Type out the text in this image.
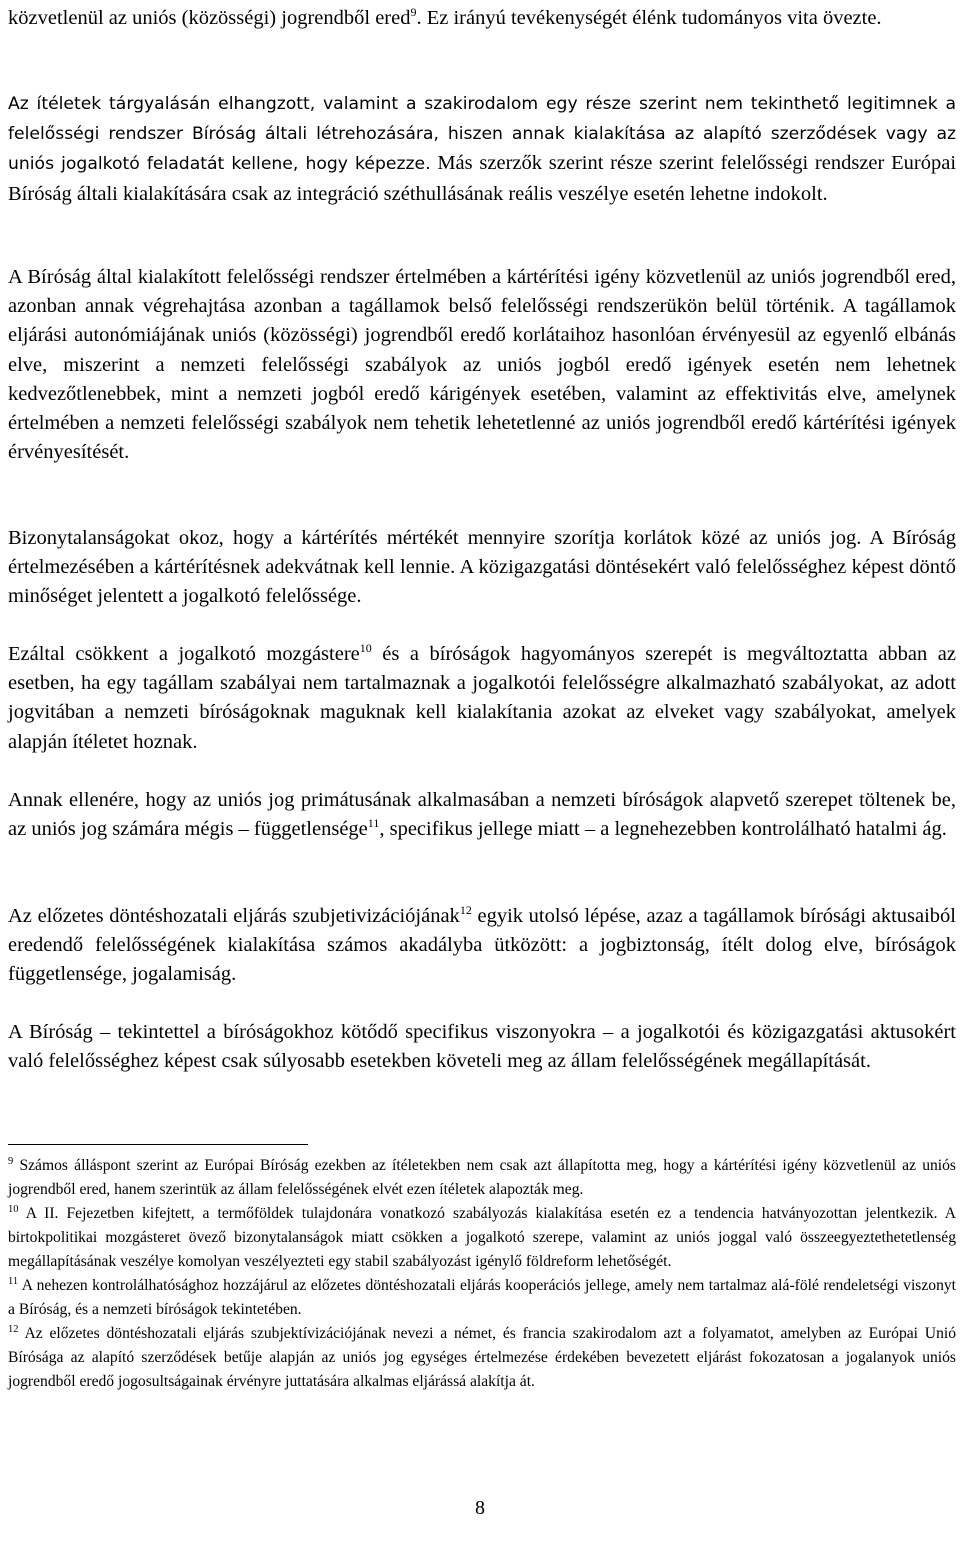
közvetlenül az uniós (közösségi) jogrendből ered$^9$. Ez irányú tevékenységét élénk tudományos vita övezte.

Az ítéletek tárgyalásán elhangzott, valamint a szakirodalom egy része szerint nem tekinthető legitimnek a felelősségi rendszer Bíróság általi létrehozására, hiszen annak kialakítása az alapító szerződések vagy az uniós jogalkotó feladatát kellene, hogy képezze. Más szerzők szerint része szerint felelősségi rendszer Európai Bíróság általi kialakítására csak az integráció széthullásának reális veszélye esetén lehetne indokolt.

A Bíróság által kialakított felelősségi rendszer értelmében a kártérítési igény közvetlenül az uniós jogrendből ered, azonban annak végrehajtása azonban a tagállamok belső felelősségi rendszerükön belül történik. A tagállamok eljárási autonómiájának uniós (közösségi) jogrendből eredő korlátaihoz hasonlóan érvényesül az egyenlő elbánás elve, miszerint a nemzeti felelősségi szabályok az uniós jogból eredő igények esetén nem lehetnek kedvezőtlenebbek, mint a nemzeti jogból eredő kárigények esetében, valamint az effektivitás elve, amelynek értelmében a nemzeti felelősségi szabályok nem tehetik lehetetlenné az uniós jogrendből eredő kártérítési igények érvényesítését.

Bizonytalanságokat okoz, hogy a kártérítés mértékét mennyire szorítja korlátok közé az uniós jog. A Bíróság értelmezésében a kártérítésnek adekvátnak kell lennie. A közigazgatási döntésekért való felelősséghez képest döntő minőséget jelentett a jogalkotó felelőssége.

Ezáltal csökkent a jogalkotó mozgástere$^{10}$ és a bíróságok hagyományos szerepét is megváltoztatta abban az esetben, ha egy tagállam szabályai nem tartalmaznak a jogalkotói felelősségre alkalmazható szabályokat, az adott jogvitában a nemzeti bíróságoknak maguknak kell kialakítania azokat az elveket vagy szabályokat, amelyek alapján ítéletet hoznak.

Annak ellenére, hogy az uniós jog primátusának alkalmasában a nemzeti bíróságok alapvető szerepet töltenek be, az uniós jog számára mégis – függetlensége$^{11}$, specifikus jellege miatt – a legnehezebben kontrolálható hatalmi ág.

Az előzetes döntéshozatali eljárás szubjetivizációjának$^{12}$ egyik utolsó lépése, azaz a tagállamok bírósági aktusaiból eredendő felelősségének kialakítása számos akadályba ütközött: a jogbiztonság, ítélt dolog elve, bíróságok függetlensége, jogalamiság.

A Bíróság – tekintettel a bíróságokhoz kötődő specifikus viszonyokra – a jogalkotói és közigazgatási aktusokért való felelősséghez képest csak súlyosabb esetekben követeli meg az állam felelősségének megállapítását.

$^9$ Számos álláspont szerint az Európai Bíróság ezekben az ítéletekben nem csak azt állapította meg, hogy a kártérítési igény közvetlenül az uniós jogrendből ered, hanem szerintük az állam felelősségének elvét ezen ítéletek alapozták meg.

$^{10}$ A II. Fejezetben kifejtett, a termőföldek tulajdonára vonatkozó szabályozás kialakítása esetén ez a tendencia hatványozottan jelentkezik. A birtokpolitikai mozgásteret övező bizonytalanságok miatt csökken a jogalkotó szerepe, valamint az uniós joggal való összeegyeztethetetlenség megállapításának veszélye komolyan veszélyezteti egy stabil szabályozást igénylő földreform lehetőségét.

$^{11}$ A nehezen kontrolálhatósághoz hozzájárul az előzetes döntéshozatali eljárás kooperációs jellege, amely nem tartalmaz alá-fölé rendeletségi viszonyt a Bíróság, és a nemzeti bíróságok tekintetében.

$^{12}$ Az előzetes döntéshozatali eljárás szubjektívizációjának nevezi a német, és francia szakirodalom azt a folyamatot, amelyben az Európai Unió Bírósága az alapító szerződések betűje alapján az uniós jog egységes értelmezése érdekében bevezetett eljárást fokozatosan a jogalanyok uniós jogrendből eredő jogosultságainak érvényre juttatására alkalmas eljárássá alakítja át.

8
